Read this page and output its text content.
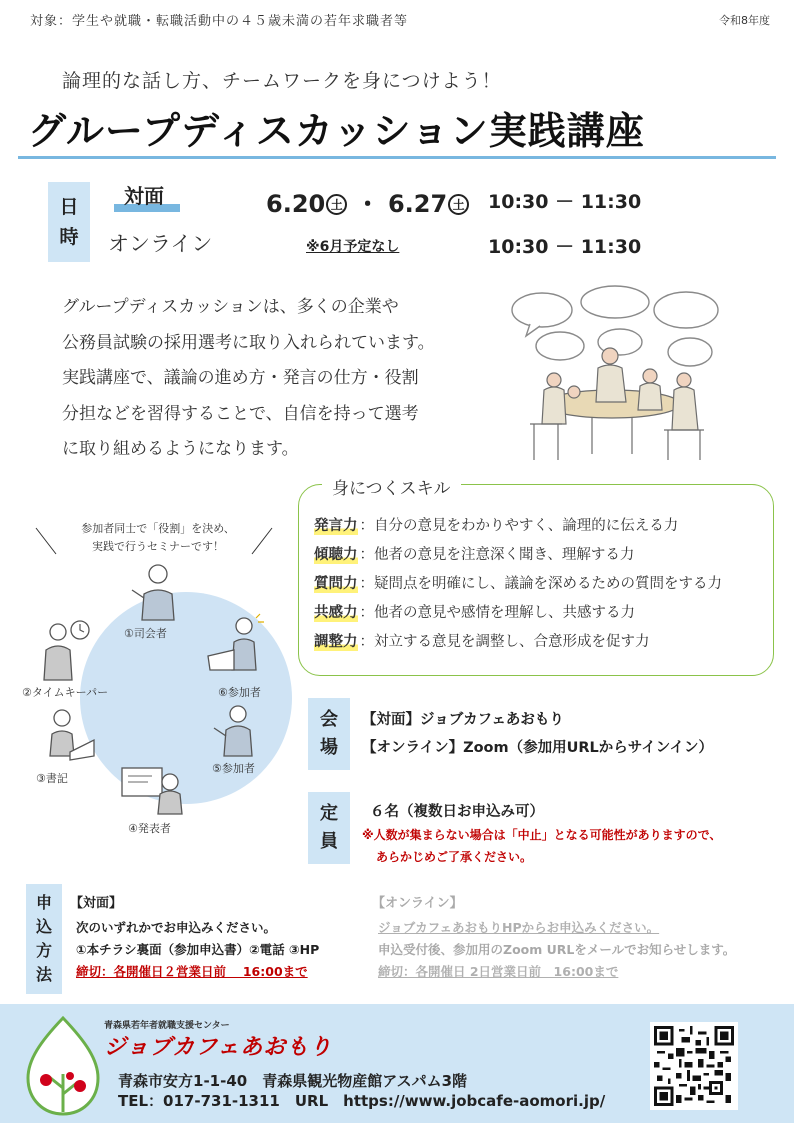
対象：学生や就職・転職活動中の４５歳未満の若年求職者等	令和8年度
論理的な話し方、チームワークを身につけよう！
グループディスカッション実践講座
日
時
対面
オンライン
6.20 土 ・ 6.27 土 10:30 － 11:30
※6月予定なし	10:30 － 11:30
グループディスカッションは、多くの企業や
公務員試験の採用選考に取り入れられています。
実践講座で、議論の進め方・発言の仕方・役割
分担などを習得することで、自信を持って選考
に取り組めるようになります。
身につくスキル
発言力 ：自分の意見をわかりやすく、論理的に伝える力
傾聴力 ：他者の意見を注意深く聞き、理解する力
質問力 ：疑問点を明確にし、議論を深めるための質問をする力
共感力 ：他者の意見や感情を理解し、共感する力
調整力 ：対立する意見を調整し、合意形成を促す力
参加者同士で「役割」を決め、
実践で行うセミナーです！
①司会者
②タイムキーパー
③書記
④発表者
⑤参加者
⑥参加者
会
場
【対面】ジョブカフェあおもり
【オンライン】Zoom（参加用URLからサインイン）
定
員
６名（複数日お申込み可）
※人数が集まらない場合は「中止」となる可能性がありますので、
あらかじめご了承ください。
申
込
方
法
【対面】
次のいずれかでお申込みください。
①本チラシ裏面（参加申込書）②電話 ③HP
締切：各開催日２営業日前　 16:00まで
【オンライン】
ジョブカフェあおもりHPからお申込みください。
申込受付後、参加用のZoom URLをメールでお知らせします。
締切：各開催日 2日営業日前　16:00まで
青森県若年者就職支援センター
ジョブカフェあおもり
青森市安方1-1-40　青森県観光物産館アスパム3階
TEL：017-731-1311　URL　https://www.jobcafe-aomori.jp/
